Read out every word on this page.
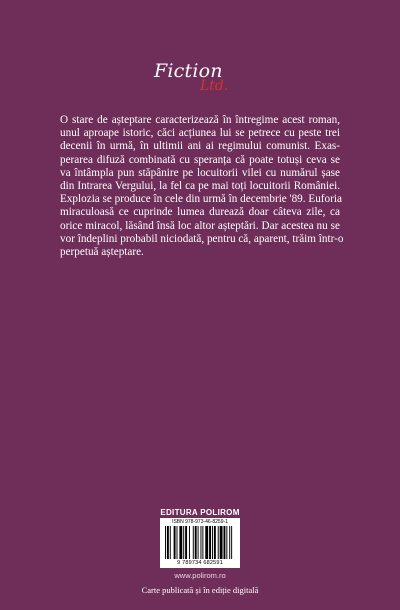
Fiction
Ltd.
O stare de așteptare caracterizează în întregime acest roman,
unul aproape istoric, căci acțiunea lui se petrece cu peste trei
decenii în urmă, în ultimii ani ai regimului comunist. Exas-
perarea difuză combinată cu speranța că poate totuși ceva se
va întâmpla pun stăpânire pe locuitorii vilei cu numărul șase
din Intrarea Vergului, la fel ca pe mai toți locuitorii României.
Explozia se produce în cele din urmă în decembrie '89. Euforia
miraculoasă ce cuprinde lumea durează doar câteva zile, ca
orice miracol, lăsând însă loc altor așteptări. Dar acestea nu se
vor îndeplini probabil niciodată, pentru că, aparent, trăim într-o
perpetuă așteptare.
EDITURA POLIROM
ISBN 978-973-46-8259-1
9 789734 682591
www.polirom.ro
Carte publicată și în ediție digitală
